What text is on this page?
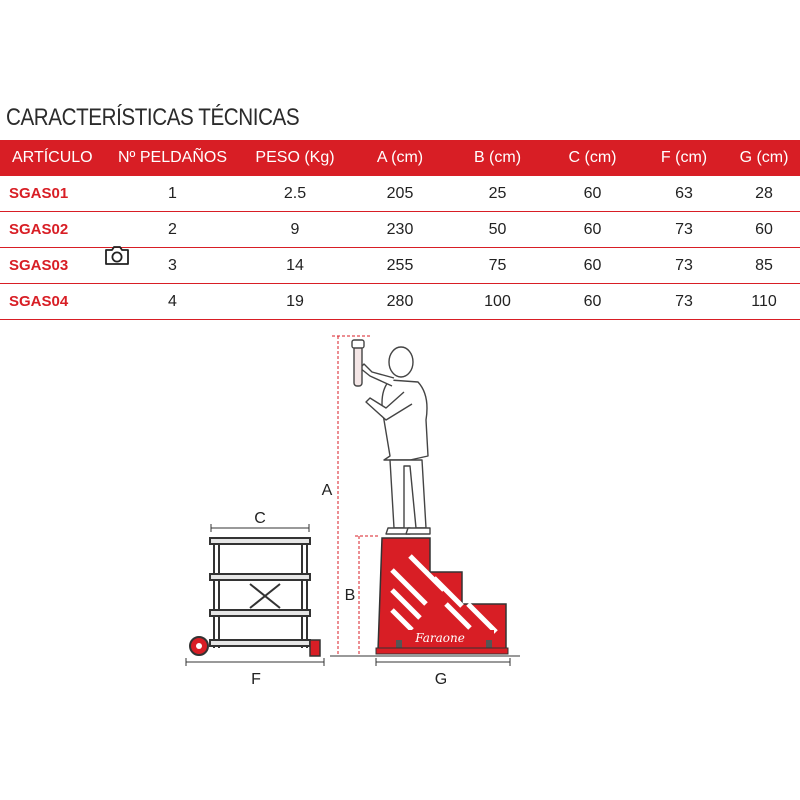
CARACTERÍSTICAS TÉCNICAS
ARTÍCULO	Nº PELDAÑOS	PESO (Kg)	A (cm)	B (cm)	C (cm)	F (cm)	G (cm)
SGAS01	1	2.5	205	25	60	63	28
SGAS02	2	9	230	50	60	73	60
SGAS03	3	14	255	75	60	73	85
SGAS04	4	19	280	100	60	73	110
C
F
A
B
Faraone
G
